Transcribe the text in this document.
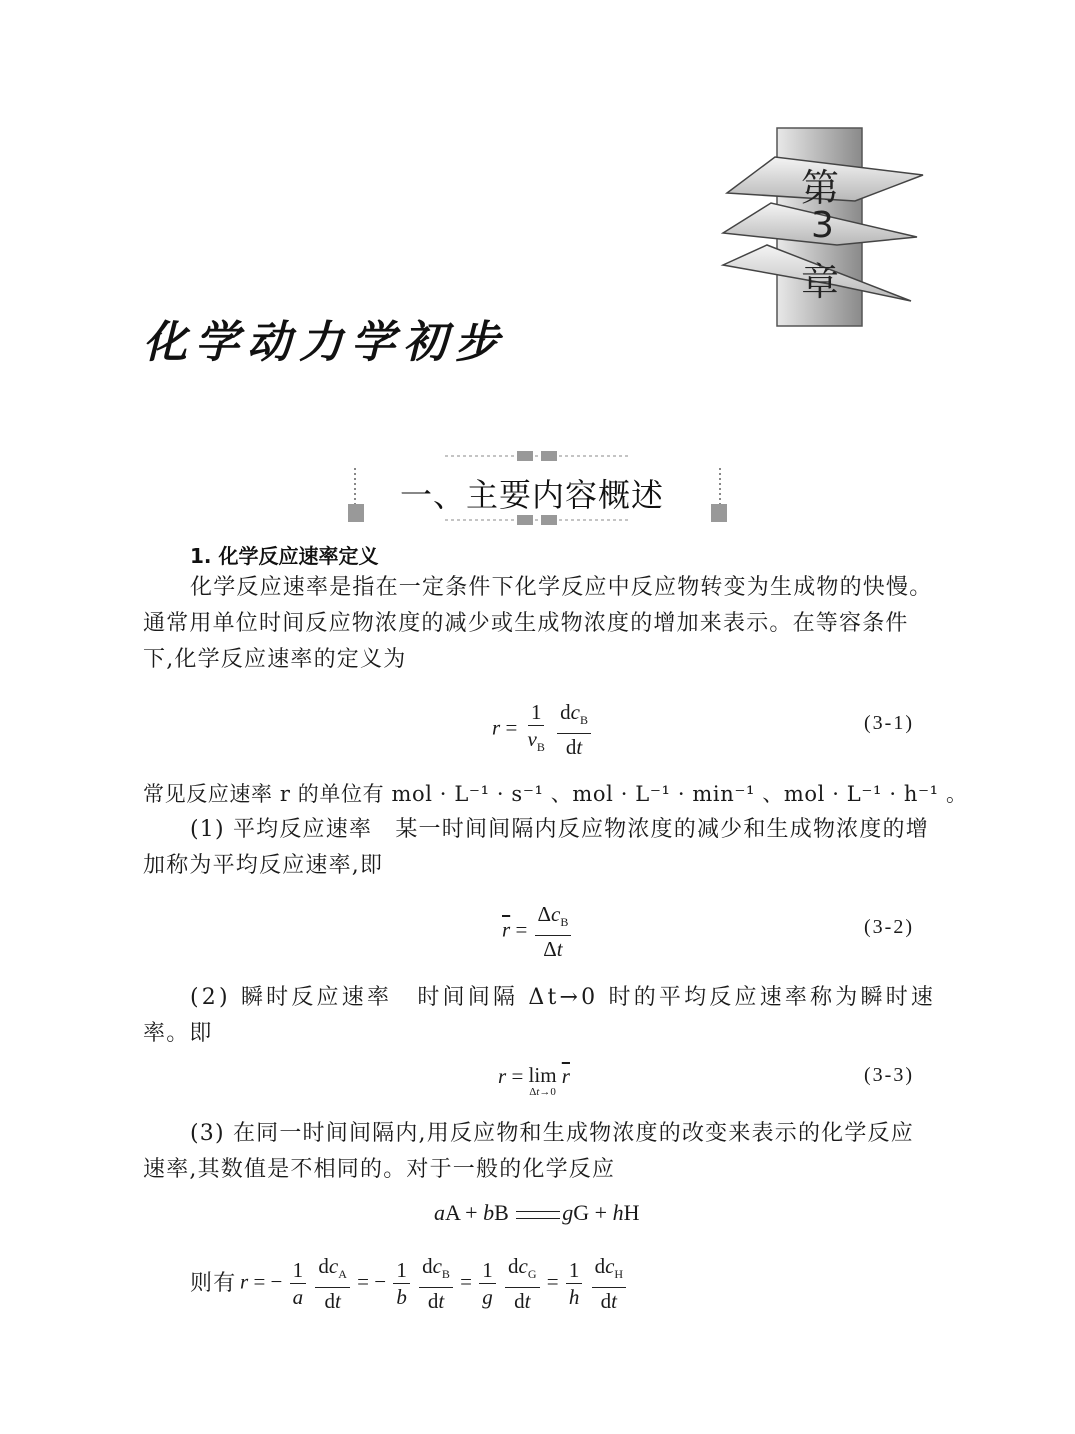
第
3
章
化学动力学初步
一、主要内容概述
1. 化学反应速率定义
化学反应速率是指在一定条件下化学反应中反应物转变为生成物的快慢。
通常用单位时间反应物浓度的减少或生成物浓度的增加来表示。在等容条件
下,化学反应速率的定义为
$r = \frac{1}{\nu_B}$
$\frac{dc_B}{dt}$	(3-1)
常见反应速率 r 的单位有 mol · L⁻¹ · s⁻¹ 、mol · L⁻¹ · min⁻¹ 、mol · L⁻¹ · h⁻¹ 。
(1) 平均反应速率　某一时间间隔内反应物浓度的减少和生成物浓度的增
加称为平均反应速率,即
$\overline{r} = \frac{\Delta c_B}{\Delta t}$	(3-2)
(2) 瞬时反应速率　时间间隔 Δt→0 时的平均反应速率称为瞬时速
率。即
r = lim
Δt→0
$\overline{r}$	(3-3)
(3) 在同一时间间隔内,用反应物和生成物浓度的改变来表示的化学反应
速率,其数值是不相同的。对于一般的化学反应
aA + bB gG + hH
则有 r = − $\frac{1}{a}$
$\frac{dc_A}{dt}$ = − $\frac{1}{b}$
$\frac{dc_B}{dt} = \frac{1}{g}$
$\frac{dc_G}{dt} = \frac{1}{h}$
$\frac{dc_H}{dt}$
